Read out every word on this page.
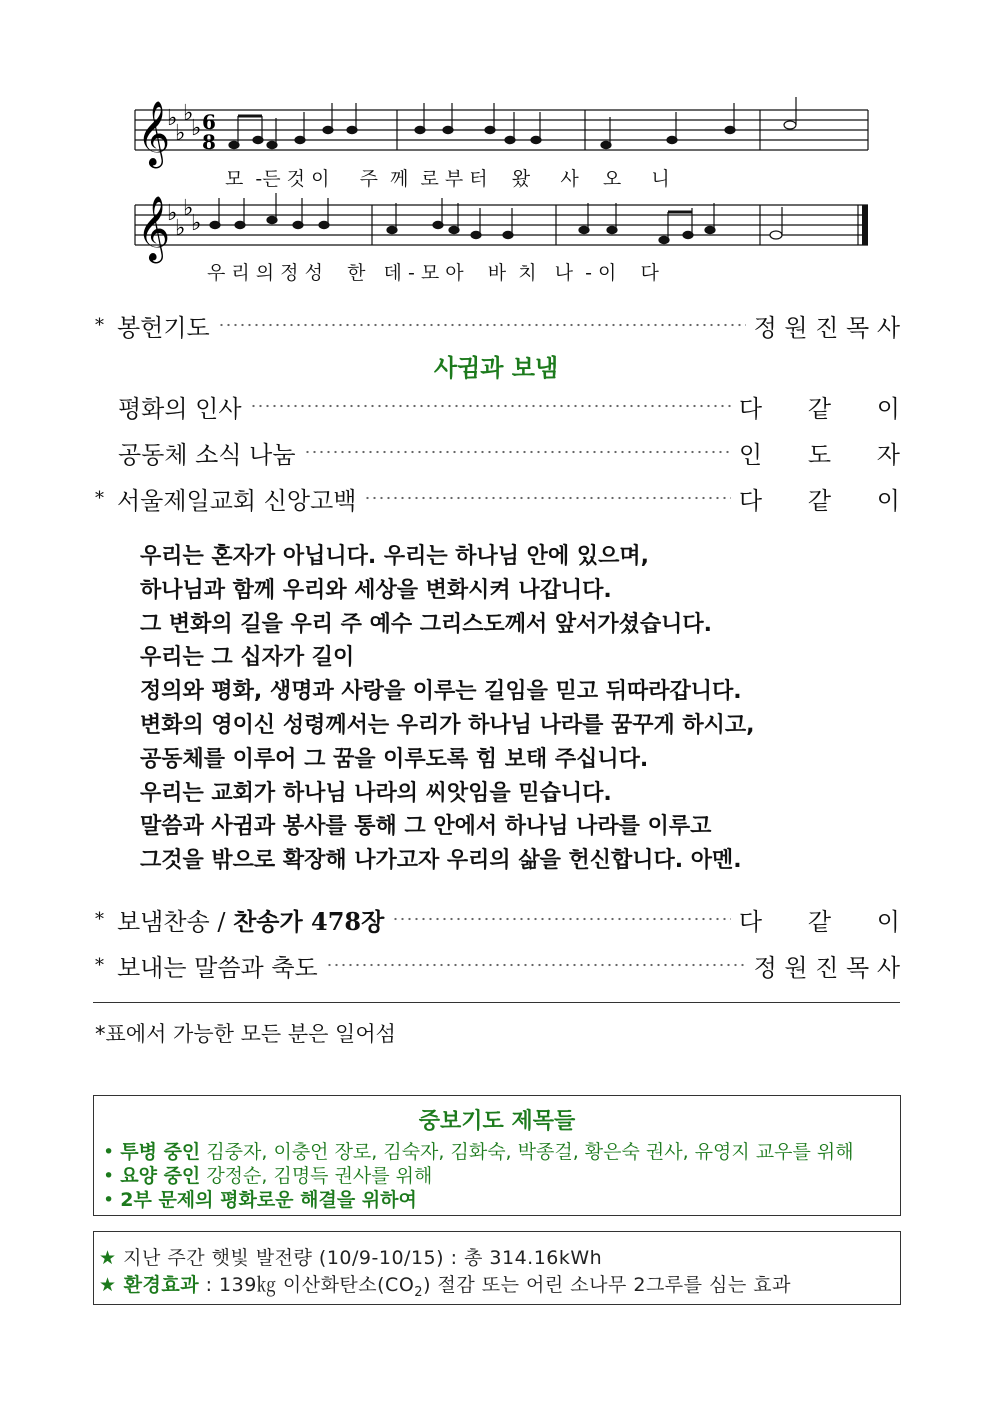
𝄞
𝄞
♭
♭
♭
♭
♭
♭
♭
♭
6
8
모  -든 것 이     주  께  로 부 터    왔     사    오     니
우 리 의 정 성    한   데 - 모 아    바  치   나  - 이    다
* 봉헌기도	정 원 진 목 사
사귐과 보냄
평화의 인사	다      같      이
공동체 소식 나눔	인      도      자
* 서울제일교회 신앙고백	다      같      이
우리는 혼자가 아닙니다. 우리는 하나님 안에 있으며,
하나님과 함께 우리와 세상을 변화시켜 나갑니다.
그 변화의 길을 우리 주 예수 그리스도께서 앞서가셨습니다.
우리는 그 십자가 길이
정의와 평화, 생명과 사랑을 이루는 길임을 믿고 뒤따라갑니다.
변화의 영이신 성령께서는 우리가 하나님 나라를 꿈꾸게 하시고,
공동체를 이루어 그 꿈을 이루도록 힘 보태 주십니다.
우리는 교회가 하나님 나라의 씨앗임을 믿습니다.
말씀과 사귐과 봉사를 통해 그 안에서 하나님 나라를 이루고
그것을 밖으로 확장해 나가고자 우리의 삶을 헌신합니다. 아멘.
* 보냄찬송 / 찬송가 478장	다      같      이
* 보내는 말씀과 축도	정 원 진 목 사
*표에서 가능한 모든 분은 일어섬
중보기도 제목들
• 투병 중인 김중자, 이충언 장로, 김숙자, 김화숙, 박종걸, 황은숙 권사, 유영지 교우를 위해
• 요양 중인 강정순, 김명득 권사를 위해
• 2부 문제의 평화로운 해결을 위하여
★ 지난 주간 햇빛 발전량 (10/9-10/15) : 총 314.16kWh
★ 환경효과 : 139㎏ 이산화탄소$(CO_2)$ 절감 또는 어린 소나무 2그루를 심는 효과
